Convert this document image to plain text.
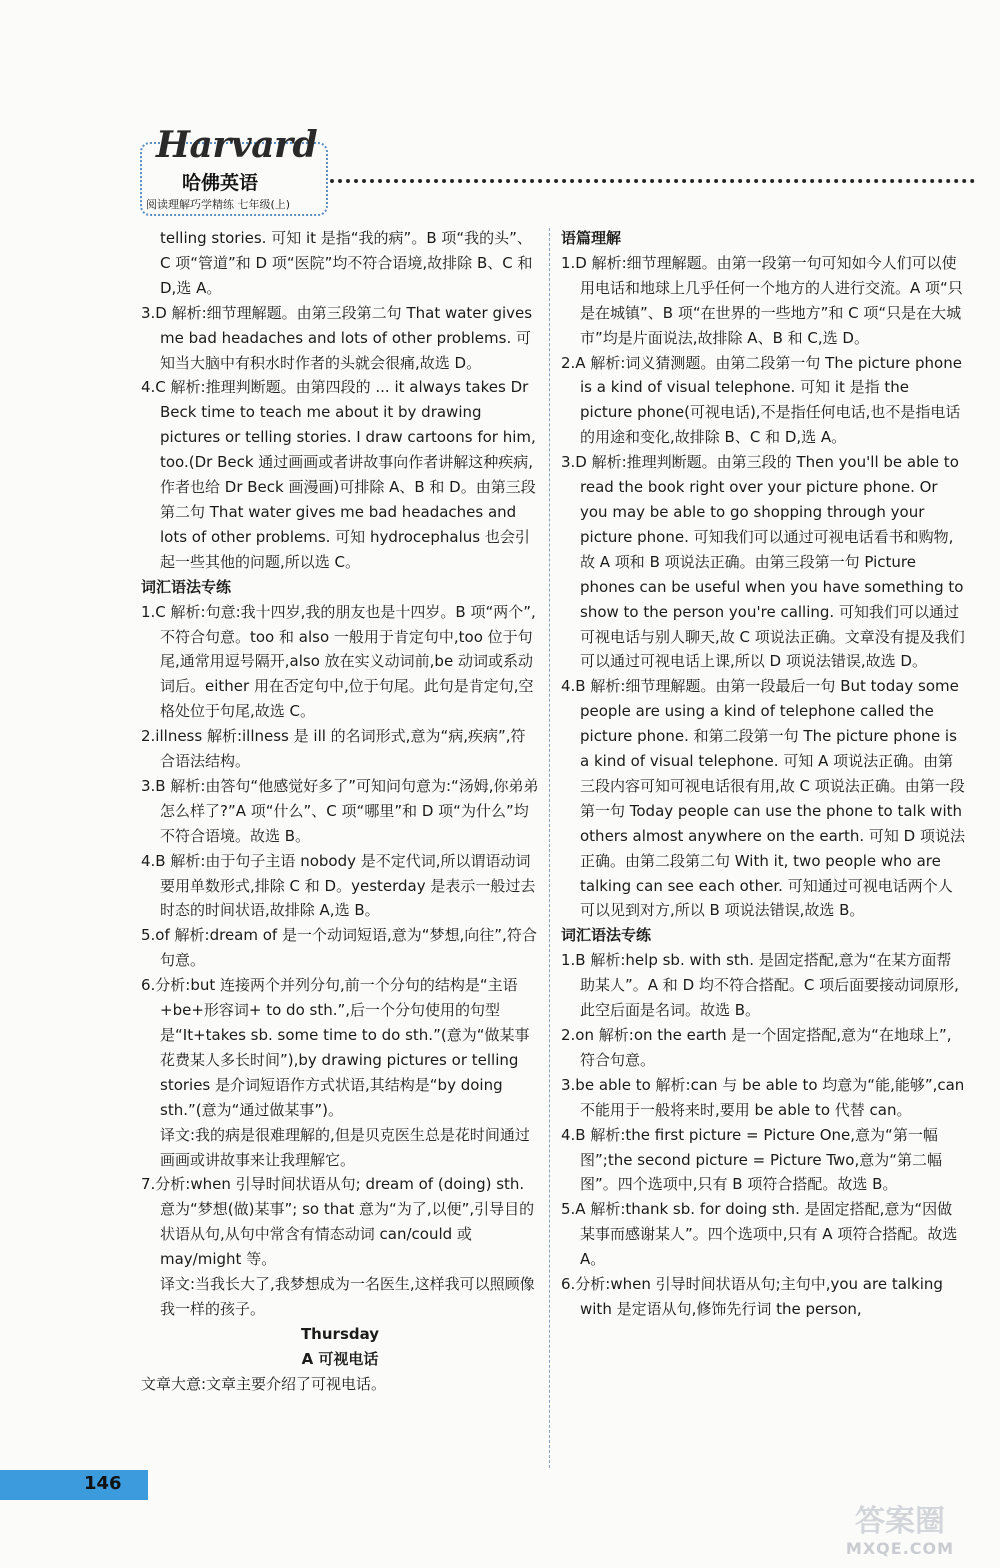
Harvard
哈佛英语
阅读理解巧学精练 七年级(上)

telling stories. 可知 it 是指“我的病”。B 项“我的头”、C 项“管道”和 D 项“医院”均不符合语境,故排除 B、C 和 D,选 A。

3.D 解析:细节理解题。由第三段第二句 That water gives me bad headaches and lots of other problems. 可知当大脑中有积水时作者的头就会很痛,故选 D。

4.C 解析:推理判断题。由第四段的 ... it always takes Dr Beck time to teach me about it by drawing pictures or telling stories. I draw cartoons for him, too.(Dr Beck 通过画画或者讲故事向作者讲解这种疾病,作者也给 Dr Beck 画漫画)可排除 A、B 和 D。由第三段第二句 That water gives me bad headaches and lots of other problems. 可知 hydrocephalus 也会引起一些其他的问题,所以选 C。

词汇语法专练

1.C 解析:句意:我十四岁,我的朋友也是十四岁。B 项“两个”,不符合句意。too 和 also 一般用于肯定句中,too 位于句尾,通常用逗号隔开,also 放在实义动词前,be 动词或系动词后。either 用在否定句中,位于句尾。此句是肯定句,空格处位于句尾,故选 C。

2.illness 解析:illness 是 ill 的名词形式,意为“病,疾病”,符合语法结构。

3.B 解析:由答句“他感觉好多了”可知问句意为:“汤姆,你弟弟怎么样了?”A 项“什么”、C 项“哪里”和 D 项“为什么”均不符合语境。故选 B。

4.B 解析:由于句子主语 nobody 是不定代词,所以谓语动词要用单数形式,排除 C 和 D。yesterday 是表示一般过去时态的时间状语,故排除 A,选 B。

5.of 解析:dream of 是一个动词短语,意为“梦想,向往”,符合句意。

6.分析:but 连接两个并列分句,前一个分句的结构是“主语+be+形容词+ to do sth.”,后一个分句使用的句型是“It+takes sb. some time to do sth.”(意为“做某事花费某人多长时间”),by drawing pictures or telling stories 是介词短语作方式状语,其结构是“by doing sth.”(意为“通过做某事”)。

译文:我的病是很难理解的,但是贝克医生总是花时间通过画画或讲故事来让我理解它。

7.分析:when 引导时间状语从句; dream of (doing) sth. 意为“梦想(做)某事”; so that 意为“为了,以便”,引导目的状语从句,从句中常含有情态动词 can/could 或 may/might 等。

译文:当我长大了,我梦想成为一名医生,这样我可以照顾像我一样的孩子。

Thursday

A 可视电话

文章大意:文章主要介绍了可视电话。

语篇理解

1.D 解析:细节理解题。由第一段第一句可知如今人们可以使用电话和地球上几乎任何一个地方的人进行交流。A 项“只是在城镇”、B 项“在世界的一些地方”和 C 项“只是在大城市”均是片面说法,故排除 A、B 和 C,选 D。

2.A 解析:词义猜测题。由第二段第一句 The picture phone is a kind of visual telephone. 可知 it 是指 the picture phone(可视电话),不是指任何电话,也不是指电话的用途和变化,故排除 B、C 和 D,选 A。

3.D 解析:推理判断题。由第三段的 Then you'll be able to read the book right over your picture phone. Or you may be able to go shopping through your picture phone. 可知我们可以通过可视电话看书和购物,故 A 项和 B 项说法正确。由第三段第一句 Picture phones can be useful when you have something to show to the person you're calling. 可知我们可以通过可视电话与别人聊天,故 C 项说法正确。文章没有提及我们可以通过可视电话上课,所以 D 项说法错误,故选 D。

4.B 解析:细节理解题。由第一段最后一句 But today some people are using a kind of telephone called the picture phone. 和第二段第一句 The picture phone is a kind of visual telephone. 可知 A 项说法正确。由第三段内容可知可视电话很有用,故 C 项说法正确。由第一段第一句 Today people can use the phone to talk with others almost anywhere on the earth. 可知 D 项说法正确。由第二段第二句 With it, two people who are talking can see each other. 可知通过可视电话两个人可以见到对方,所以 B 项说法错误,故选 B。

词汇语法专练

1.B 解析:help sb. with sth. 是固定搭配,意为“在某方面帮助某人”。A 和 D 均不符合搭配。C 项后面要接动词原形,此空后面是名词。故选 B。

2.on 解析:on the earth 是一个固定搭配,意为“在地球上”,符合句意。

3.be able to 解析:can 与 be able to 均意为“能,能够”,can 不能用于一般将来时,要用 be able to 代替 can。

4.B 解析:the first picture = Picture One,意为“第一幅图”;the second picture = Picture Two,意为“第二幅图”。四个选项中,只有 B 项符合搭配。故选 B。

5.A 解析:thank sb. for doing sth. 是固定搭配,意为“因做某事而感谢某人”。四个选项中,只有 A 项符合搭配。故选 A。

6.分析:when 引导时间状语从句;主句中,you are talking with 是定语从句,修饰先行词 the person,

146
答案圈
MXQE.COM
